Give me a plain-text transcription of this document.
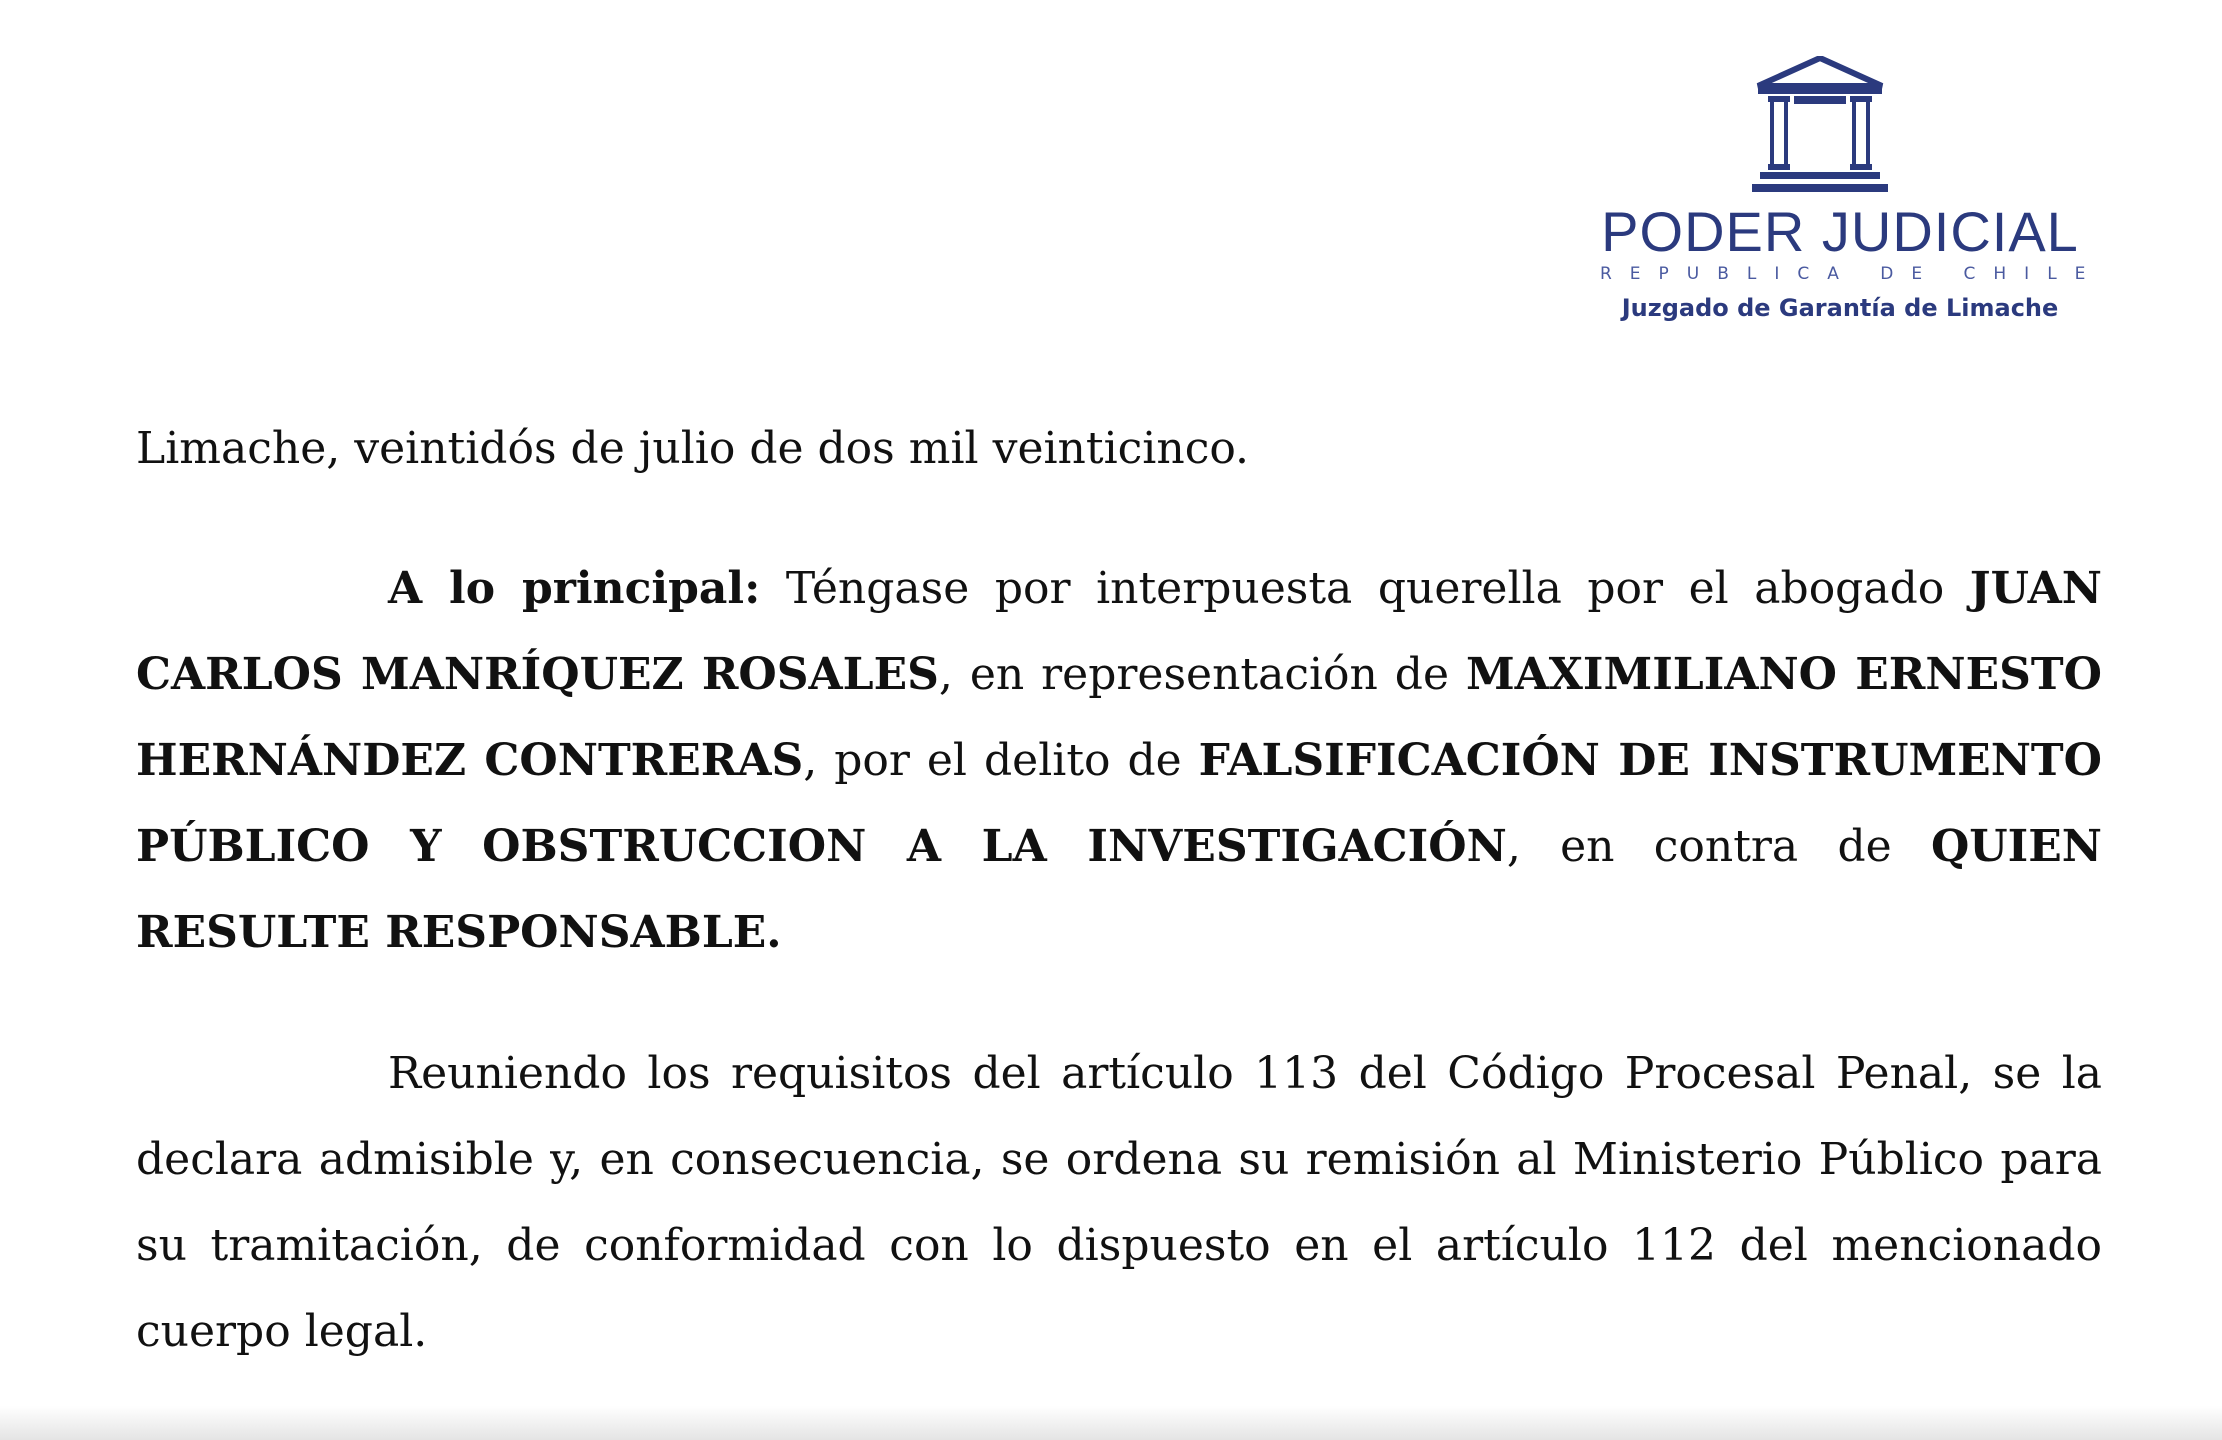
PODER JUDICIAL
REPUBLICA DE CHILE
Juzgado de Garantía de Limache
Limache, veintidós de julio de dos mil veinticinco.
A lo principal: Téngase por interpuesta querella por el abogado JUAN CARLOS MANRÍQUEZ ROSALES, en representación de MAXIMILIANO ERNESTO HERNÁNDEZ CONTRERAS, por el delito de FALSIFICACIÓN DE INSTRUMENTO PÚBLICO Y OBSTRUCCION A LA INVESTIGACIÓN, en contra de QUIEN RESULTE RESPONSABLE.
Reuniendo los requisitos del artículo 113 del Código Procesal Penal, se la declara admisible y, en consecuencia, se ordena su remisión al Ministerio Público para su tramitación, de conformidad con lo dispuesto en el artículo 112 del mencionado cuerpo legal.
